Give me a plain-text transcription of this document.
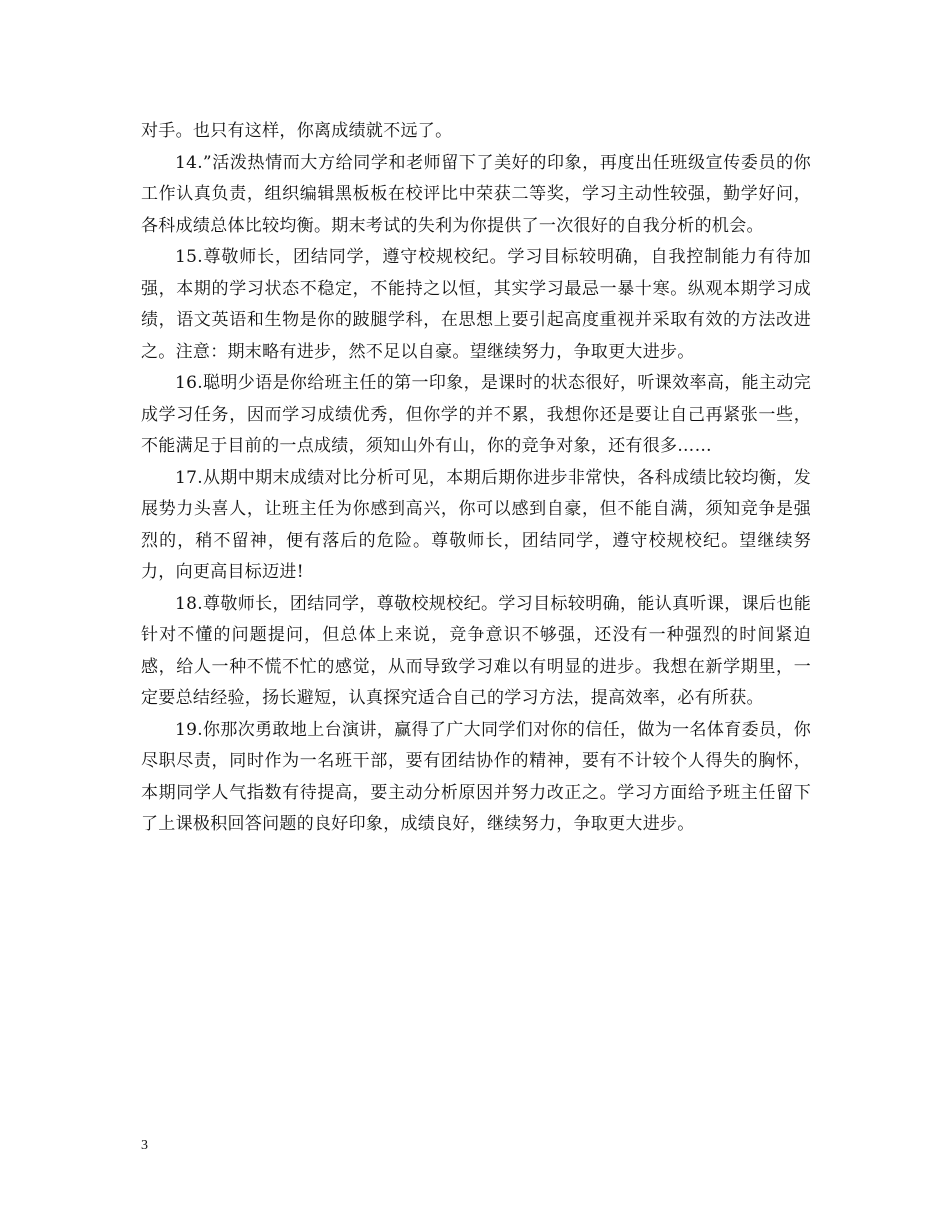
对手。也只有这样，你离成绩就不远了。

14.”活泼热情而大方给同学和老师留下了美好的印象，再度出任班级宣传委员的你工作认真负责，组织编辑黑板板在校评比中荣获二等奖，学习主动性较强，勤学好问，各科成绩总体比较均衡。期末考试的失利为你提供了一次很好的自我分析的机会。

15.尊敬师长，团结同学，遵守校规校纪。学习目标较明确，自我控制能力有待加强，本期的学习状态不稳定，不能持之以恒，其实学习最忌一暴十寒。纵观本期学习成绩，语文英语和生物是你的跛腿学科，在思想上要引起高度重视并采取有效的方法改进之。注意：期末略有进步，然不足以自豪。望继续努力，争取更大进步。

16.聪明少语是你给班主任的第一印象，是课时的状态很好，听课效率高，能主动完成学习任务，因而学习成绩优秀，但你学的并不累，我想你还是要让自己再紧张一些，不能满足于目前的一点成绩，须知山外有山，你的竞争对象，还有很多……

17.从期中期末成绩对比分析可见，本期后期你进步非常快，各科成绩比较均衡，发展势力头喜人，让班主任为你感到高兴，你可以感到自豪，但不能自满，须知竞争是强烈的，稍不留神，便有落后的危险。尊敬师长，团结同学，遵守校规校纪。望继续努力，向更高目标迈进!

18.尊敬师长，团结同学，尊敬校规校纪。学习目标较明确，能认真听课，课后也能针对不懂的问题提问，但总体上来说，竞争意识不够强，还没有一种强烈的时间紧迫感，给人一种不慌不忙的感觉，从而导致学习难以有明显的进步。我想在新学期里，一定要总结经验，扬长避短，认真探究适合自己的学习方法，提高效率，必有所获。

19.你那次勇敢地上台演讲，赢得了广大同学们对你的信任，做为一名体育委员，你尽职尽责，同时作为一名班干部，要有团结协作的精神，要有不计较个人得失的胸怀，本期同学人气指数有待提高，要主动分析原因并努力改正之。学习方面给予班主任留下了上课极积回答问题的良好印象，成绩良好，继续努力，争取更大进步。

3
